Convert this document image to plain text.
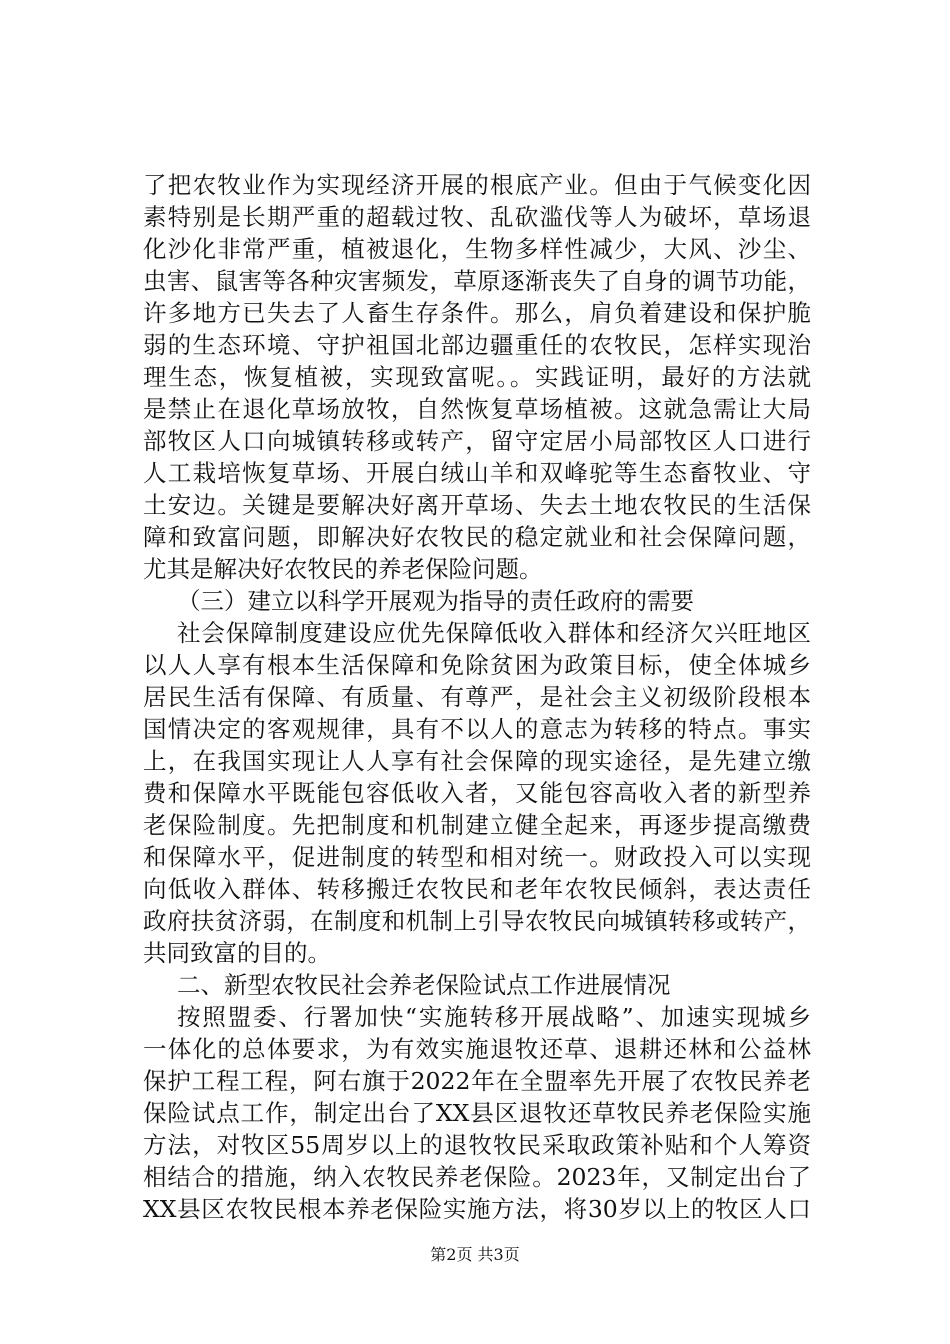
了把农牧业作为实现经济开展的根底产业。但由于气候变化因
素特别是长期严重的超载过牧、乱砍滥伐等人为破坏，草场退
化沙化非常严重，植被退化，生物多样性减少，大风、沙尘、
虫害、鼠害等各种灾害频发，草原逐渐丧失了自身的调节功能，
许多地方已失去了人畜生存条件。那么，肩负着建设和保护脆
弱的生态环境、守护祖国北部边疆重任的农牧民，怎样实现治
理生态，恢复植被，实现致富呢。。实践证明，最好的方法就
是禁止在退化草场放牧，自然恢复草场植被。这就急需让大局
部牧区人口向城镇转移或转产，留守定居小局部牧区人口进行
人工栽培恢复草场、开展白绒山羊和双峰驼等生态畜牧业、守
土安边。关键是要解决好离开草场、失去土地农牧民的生活保
障和致富问题，即解决好农牧民的稳定就业和社会保障问题，
尤其是解决好农牧民的养老保险问题。
（三）建立以科学开展观为指导的责任政府的需要
社会保障制度建设应优先保障低收入群体和经济欠兴旺地区
以人人享有根本生活保障和免除贫困为政策目标，使全体城乡
居民生活有保障、有质量、有尊严，是社会主义初级阶段根本
国情决定的客观规律，具有不以人的意志为转移的特点。事实
上，在我国实现让人人享有社会保障的现实途径，是先建立缴
费和保障水平既能包容低收入者，又能包容高收入者的新型养
老保险制度。先把制度和机制建立健全起来，再逐步提高缴费
和保障水平，促进制度的转型和相对统一。财政投入可以实现
向低收入群体、转移搬迁农牧民和老年农牧民倾斜，表达责任
政府扶贫济弱，在制度和机制上引导农牧民向城镇转移或转产，
共同致富的目的。
二、新型农牧民社会养老保险试点工作进展情况
按照盟委、行署加快“实施转移开展战略”、加速实现城乡
一体化的总体要求，为有效实施退牧还草、退耕还林和公益林
保护工程工程，阿右旗于2022年在全盟率先开展了农牧民养老
保险试点工作，制定出台了XX县区退牧还草牧民养老保险实施
方法，对牧区55周岁以上的退牧牧民采取政策补贴和个人筹资
相结合的措施，纳入农牧民养老保险。2023年，又制定出台了
XX县区农牧民根本养老保险实施方法，将30岁以上的牧区人口
第2页 共3页
